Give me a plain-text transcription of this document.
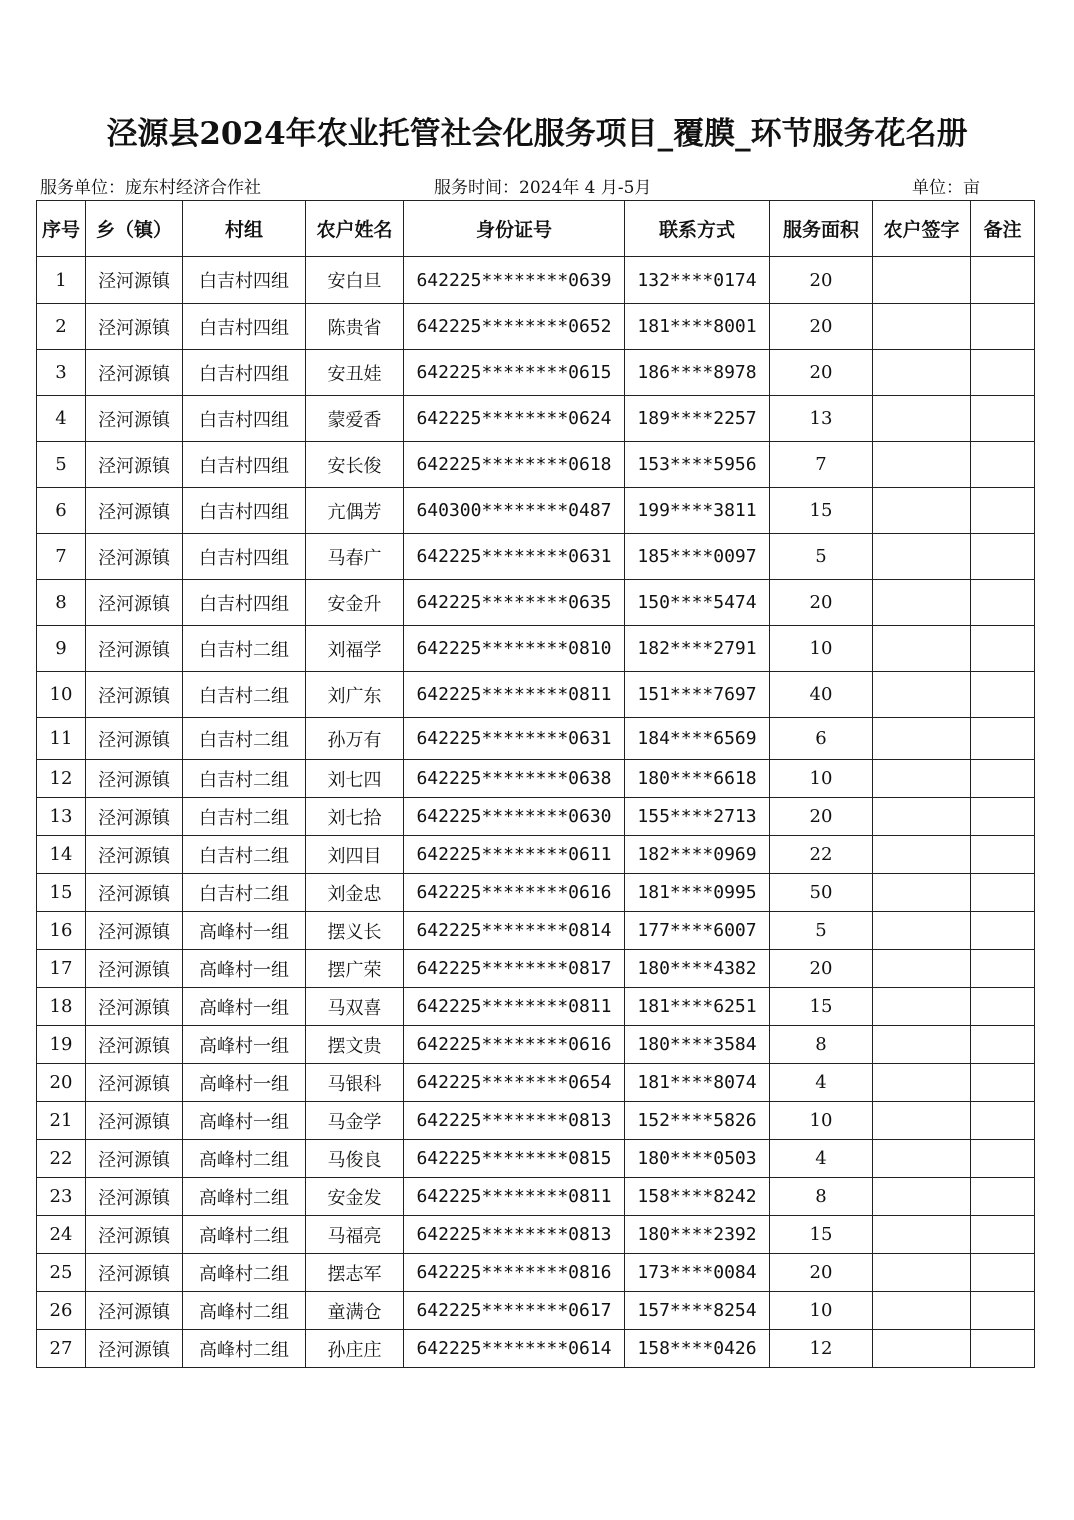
泾源县2024年农业托管社会化服务项目_覆膜_环节服务花名册
服务单位：庞东村经济合作社	服务时间：2024年 4 月-5月	单位：亩
序号	乡（镇）	村组	农户姓名	身份证号	联系方式	服务面积	农户签字	备注
1	泾河源镇	白吉村四组	安白旦	642225********0639	132****0174	20		
2	泾河源镇	白吉村四组	陈贵省	642225********0652	181****8001	20		
3	泾河源镇	白吉村四组	安丑娃	642225********0615	186****8978	20		
4	泾河源镇	白吉村四组	蒙爱香	642225********0624	189****2257	13		
5	泾河源镇	白吉村四组	安长俊	642225********0618	153****5956	7		
6	泾河源镇	白吉村四组	亢偶芳	640300********0487	199****3811	15		
7	泾河源镇	白吉村四组	马春广	642225********0631	185****0097	5		
8	泾河源镇	白吉村四组	安金升	642225********0635	150****5474	20		
9	泾河源镇	白吉村二组	刘福学	642225********0810	182****2791	10		
10	泾河源镇	白吉村二组	刘广东	642225********0811	151****7697	40		
11	泾河源镇	白吉村二组	孙万有	642225********0631	184****6569	6		
12	泾河源镇	白吉村二组	刘七四	642225********0638	180****6618	10		
13	泾河源镇	白吉村二组	刘七拾	642225********0630	155****2713	20		
14	泾河源镇	白吉村二组	刘四目	642225********0611	182****0969	22		
15	泾河源镇	白吉村二组	刘金忠	642225********0616	181****0995	50		
16	泾河源镇	高峰村一组	摆义长	642225********0814	177****6007	5		
17	泾河源镇	高峰村一组	摆广荣	642225********0817	180****4382	20		
18	泾河源镇	高峰村一组	马双喜	642225********0811	181****6251	15		
19	泾河源镇	高峰村一组	摆文贵	642225********0616	180****3584	8		
20	泾河源镇	高峰村一组	马银科	642225********0654	181****8074	4		
21	泾河源镇	高峰村一组	马金学	642225********0813	152****5826	10		
22	泾河源镇	高峰村二组	马俊良	642225********0815	180****0503	4		
23	泾河源镇	高峰村二组	安金发	642225********0811	158****8242	8		
24	泾河源镇	高峰村二组	马福亮	642225********0813	180****2392	15		
25	泾河源镇	高峰村二组	摆志军	642225********0816	173****0084	20		
26	泾河源镇	高峰村二组	童满仓	642225********0617	157****8254	10		
27	泾河源镇	高峰村二组	孙庄庄	642225********0614	158****0426	12		
